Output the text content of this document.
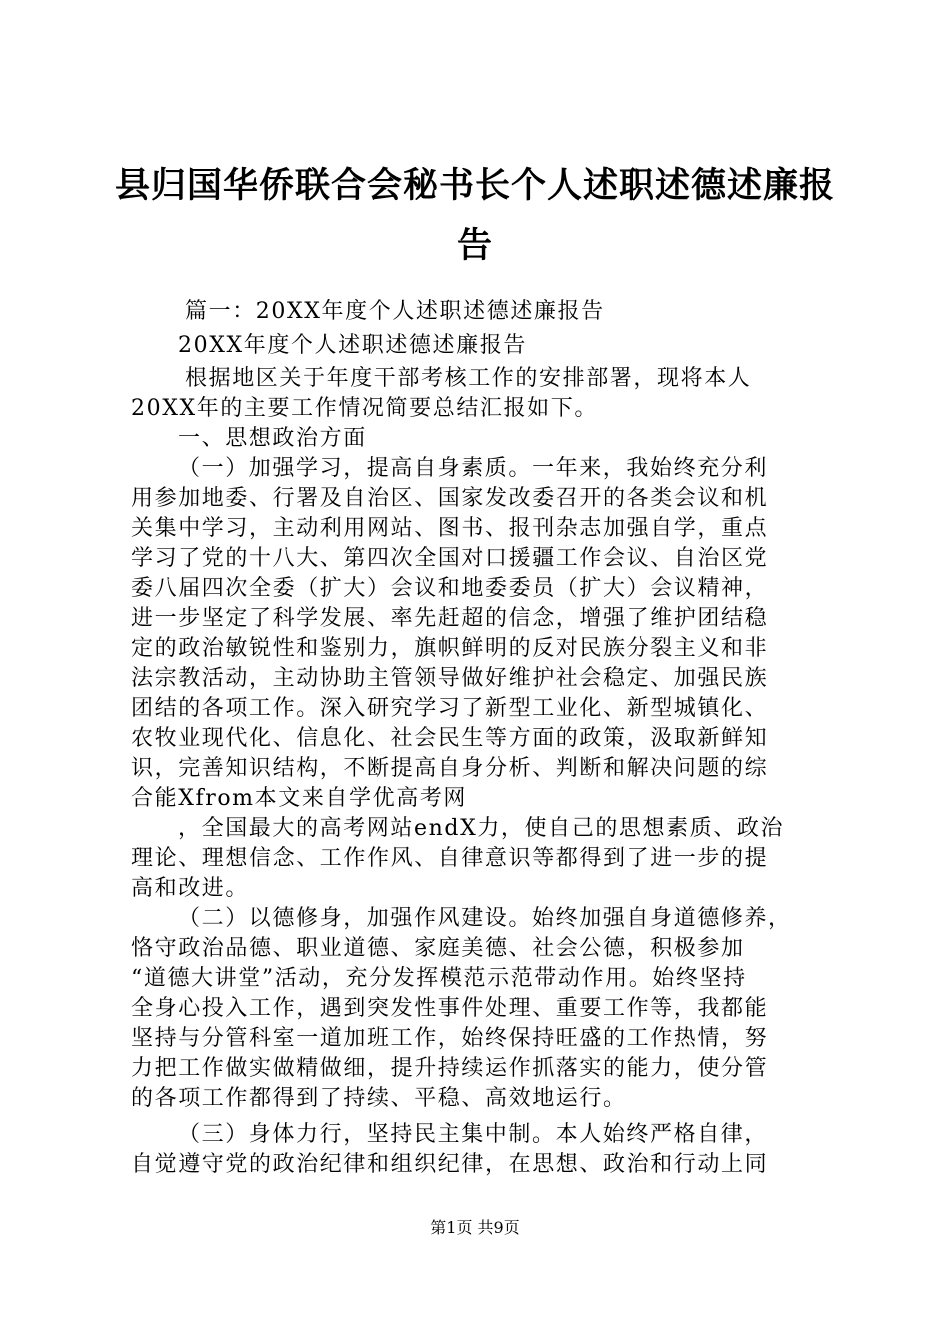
县归国华侨联合会秘书长个人述职述德述廉报
告

篇一：20XX年度个人述职述德述廉报告

20XX年度个人述职述德述廉报告

根据地区关于年度干部考核工作的安排部署，现将本人

20XX年的主要工作情况简要总结汇报如下。

一、思想政治方面

（一）加强学习，提高自身素质。一年来，我始终充分利

用参加地委、行署及自治区、国家发改委召开的各类会议和机

关集中学习，主动利用网站、图书、报刊杂志加强自学，重点

学习了党的十八大、第四次全国对口援疆工作会议、自治区党

委八届四次全委（扩大）会议和地委委员（扩大）会议精神，

进一步坚定了科学发展、率先赶超的信念，增强了维护团结稳

定的政治敏锐性和鉴别力，旗帜鲜明的反对民族分裂主义和非

法宗教活动，主动协助主管领导做好维护社会稳定、加强民族

团结的各项工作。深入研究学习了新型工业化、新型城镇化、

农牧业现代化、信息化、社会民生等方面的政策，汲取新鲜知

识，完善知识结构，不断提高自身分析、判断和解决问题的综

合能Xfrom本文来自学优高考网

，全国最大的高考网站endX力，使自己的思想素质、政治

理论、理想信念、工作作风、自律意识等都得到了进一步的提

高和改进。

（二）以德修身，加强作风建设。始终加强自身道德修养，

恪守政治品德、职业道德、家庭美德、社会公德，积极参加

“道德大讲堂”活动，充分发挥模范示范带动作用。始终坚持

全身心投入工作，遇到突发性事件处理、重要工作等，我都能

坚持与分管科室一道加班工作，始终保持旺盛的工作热情，努

力把工作做实做精做细，提升持续运作抓落实的能力，使分管

的各项工作都得到了持续、平稳、高效地运行。

（三）身体力行，坚持民主集中制。本人始终严格自律，

自觉遵守党的政治纪律和组织纪律，在思想、政治和行动上同

第1页 共9页
